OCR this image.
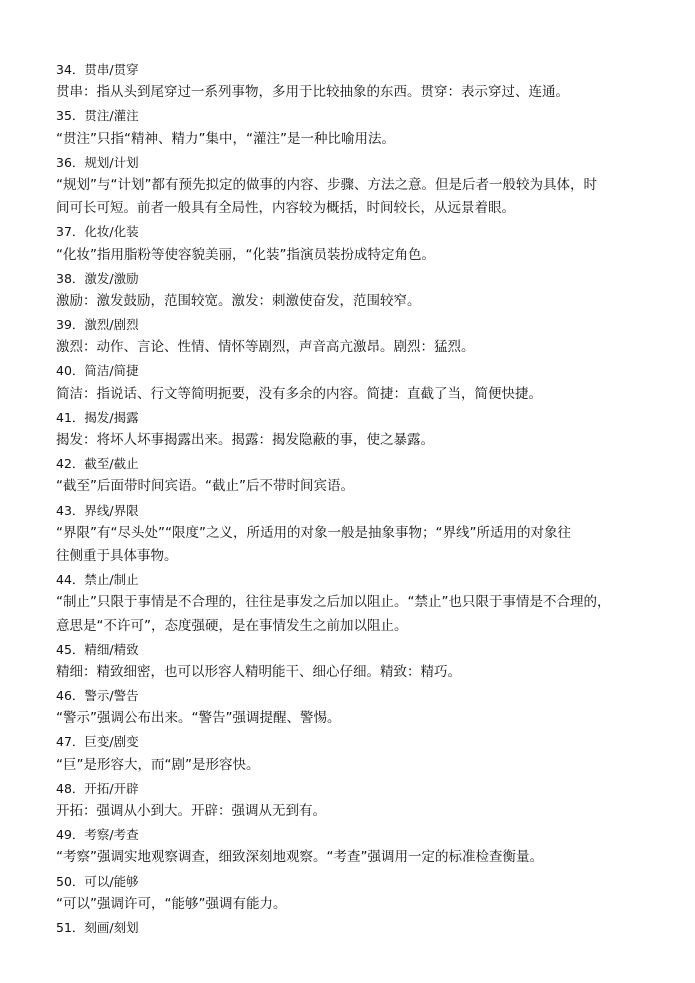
34．贯串/贯穿
贯串：指从头到尾穿过一系列事物，多用于比较抽象的东西。贯穿：表示穿过、连通。
35．贯注/灌注
“贯注”只指“精神、精力”集中，“灌注”是一种比喻用法。
36．规划/计划
“规划”与“计划”都有预先拟定的做事的内容、步骤、方法之意。但是后者一般较为具体，时
间可长可短。前者一般具有全局性，内容较为概括，时间较长，从远景着眼。
37．化妆/化装
“化妆”指用脂粉等使容貌美丽，“化装”指演员装扮成特定角色。
38．激发/激励
激励：激发鼓励，范围较宽。激发：刺激使奋发，范围较窄。
39．激烈/剧烈
激烈：动作、言论、性情、情怀等剧烈，声音高亢激昂。剧烈：猛烈。
40．简洁/简捷
简洁：指说话、行文等简明扼要，没有多余的内容。简捷：直截了当，简便快捷。
41．揭发/揭露
揭发：将坏人坏事揭露出来。揭露：揭发隐蔽的事，使之暴露。
42．截至/截止
“截至”后面带时间宾语。“截止”后不带时间宾语。
43．界线/界限
“界限”有“尽头处”“限度”之义，所适用的对象一般是抽象事物；“界线”所适用的对象往
往侧重于具体事物。
44．禁止/制止
“制止”只限于事情是不合理的，往往是事发之后加以阻止。“禁止”也只限于事情是不合理的，
意思是“不许可”，态度强硬，是在事情发生之前加以阻止。
45．精细/精致
精细：精致细密，也可以形容人精明能干、细心仔细。精致：精巧。
46．警示/警告
“警示”强调公布出来。“警告”强调提醒、警惕。
47．巨变/剧变
“巨”是形容大，而“剧”是形容快。
48．开拓/开辟
开拓：强调从小到大。开辟：强调从无到有。
49．考察/考查
“考察”强调实地观察调查，细致深刻地观察。“考查”强调用一定的标准检查衡量。
50．可以/能够
“可以”强调许可，“能够”强调有能力。
51．刻画/刻划
